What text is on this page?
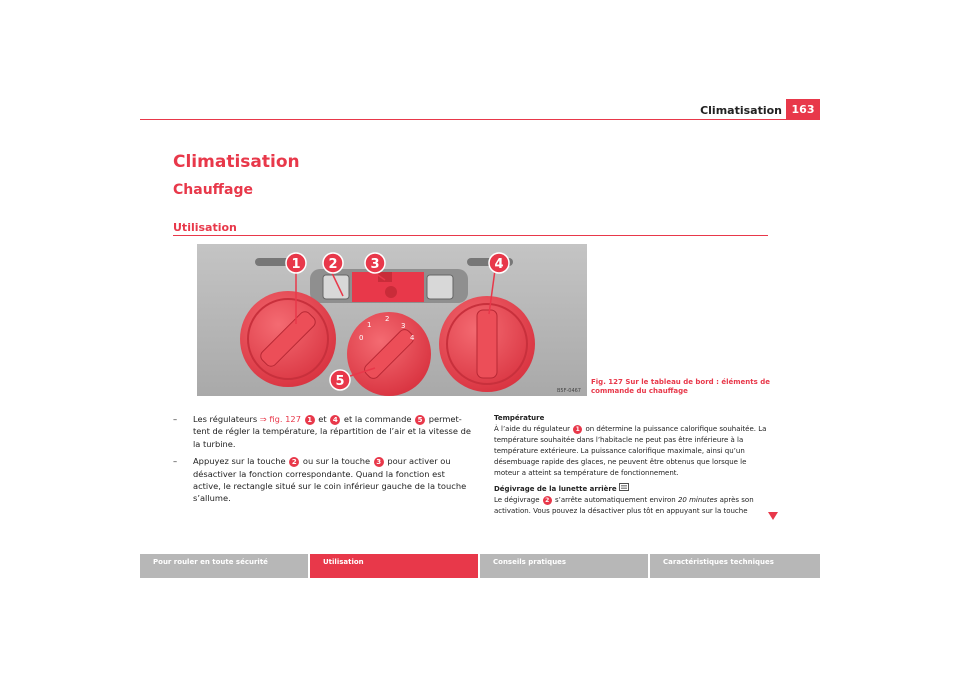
Climatisation 163
Climatisation
Chauffage
Utilisation
0
1
2
3
4
1 2	3	4
5
B5F-0467
Fig. 127 Sur le tableau de bord : éléments de commande du chauffage
– Les régulateurs ⇒ fig. 127 1 et 4 et la commande 5 permet-tent de régler la température, la répartition de l’air et la vitesse de la turbine.
– Appuyez sur la touche 2 ou sur la touche 3 pour activer ou désactiver la fonction correspondante. Quand la fonction est active, le rectangle situé sur le coin inférieur gauche de la touche s’allume.
Température

À l’aide du régulateur 1 on détermine la puissance calorifique souhaitée. La température souhaitée dans l’habitacle ne peut pas être inférieure à la température extérieure. La puissance calorifique maximale, ainsi qu’un désembuage rapide des glaces, ne peuvent être obtenus que lorsque le moteur a atteint sa température de fonctionnement.

Dégivrage de la lunette arrière

Le dégivrage 2 s’arrête automatiquement environ 20 minutes après son activation. Vous pouvez la désactiver plus tôt en appuyant sur la touche

Pour rouler en toute sécurité	Utilisation	Conseils pratiques	Caractéristiques techniques
